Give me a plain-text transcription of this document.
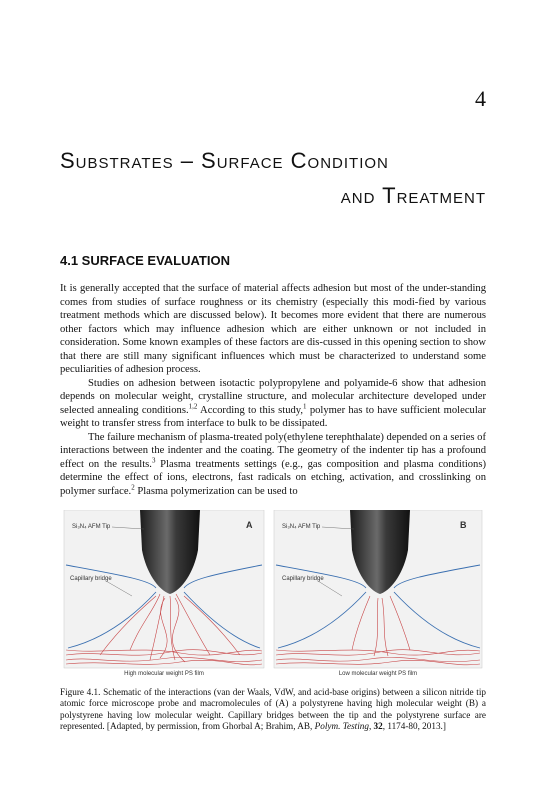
4
Substrates – Surface Condition
and Treatment
4.1 SURFACE EVALUATION

It is generally accepted that the surface of material affects adhesion but most of the under-standing comes from studies of surface roughness or its chemistry (especially this modi-fied by various treatment methods which are discussed below). It becomes more evident that there are numerous other factors which may influence adhesion which are either unknown or not included in consideration. Some known examples of these factors are dis-cussed in this opening section to show that there are still many significant influences which must be characterized to understand some peculiarities of adhesion process.

Studies on adhesion between isotactic polypropylene and polyamide-6 show that adhesion depends on molecular weight, crystalline structure, and molecular architecture developed under selected annealing conditions.$^{1,2}$ According to this study,$^1$ polymer has to have sufficient molecular weight to transfer stress from interface to bulk to be dissipated.

The failure mechanism of plasma-treated poly(ethylene terephthalate) depended on a series of interactions between the indenter and the coating. The geometry of the indenter tip has a profound effect on the results.$^3$ Plasma treatments settings (e.g., gas composition and plasma conditions) determine the effect of ions, electrons, fast radicals on etching, activation, and crosslinking on polymer surface.$^2$ Plasma polymerization can be used to

Si₃N₄ AFM Tip	A
Capillary bridge
High molecular weight PS film
Si₃N₄ AFM Tip	B
Capillary bridge
Low molecular weight PS film
Figure 4.1. Schematic of the interactions (van der Waals, VdW, and acid-base origins) between a silicon nitride tip atomic force microscope probe and macromolecules of (A) a polystyrene having high molecular weight (B) a polystyrene having low molecular weight. Capillary bridges between the tip and the polystyrene surface are represented. [Adapted, by permission, from Ghorbal A; Brahim, AB, Polym. Testing, 32, 1174-80, 2013.]
